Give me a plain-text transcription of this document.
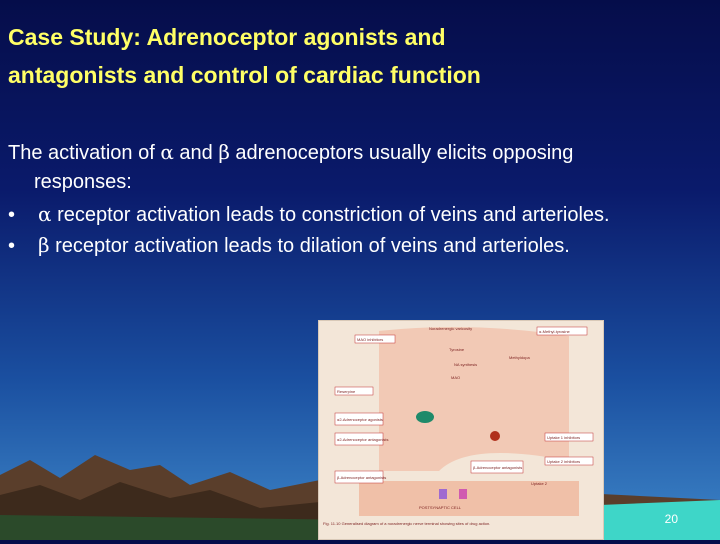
Case Study: Adrenoceptor agonists and
antagonists and control of cardiac function
The activation of α and β adrenoceptors usually elicits opposing
responses:
• α receptor activation leads to constriction of veins and arterioles.
• β receptor activation leads to dilation of veins and arterioles.
Noradrenergic varicosity
MAO inhibitors
α-Methyl-tyrosine
Tyrosine
Methyldopa
NA synthesis
MAO
Reserpine
α2-Adrenoceptor agonists
α2-Adrenoceptor antagonists
β-Adrenoceptor antagonists
Uptake 1 inhibitors
Uptake 2 inhibitors
β-Adrenoceptor antagonists
Uptake 2
POSTSYNAPTIC CELL
Fig. 11.10 Generalised diagram of a noradrenergic nerve terminal showing sites of drug action.	20
